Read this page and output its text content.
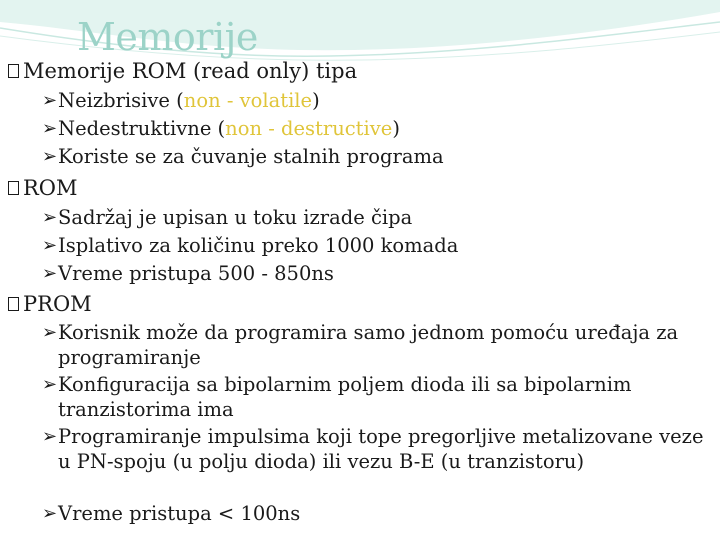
Memorije
Memorije ROM (read only) tipa
➢ Neizbrisive (non - volatile)
➢ Nedestruktivne (non - destructive)
➢ Koriste se za čuvanje stalnih programa
ROM
➢ Sadržaj je upisan u toku izrade čipa
➢ Isplativo za količinu preko 1000 komada
➢ Vreme pristupa 500 - 850ns
PROM
➢ Korisnik može da programira samo jednom pomoću uređaja za programiranje
➢ Konfiguracija sa bipolarnim poljem dioda ili sa bipolarnim tranzistorima ima
➢ Programiranje impulsima koji tope pregorljive metalizovane veze u PN-spoju (u polju dioda) ili vezu B-E (u tranzistoru)
➢ Vreme pristupa < 100ns
